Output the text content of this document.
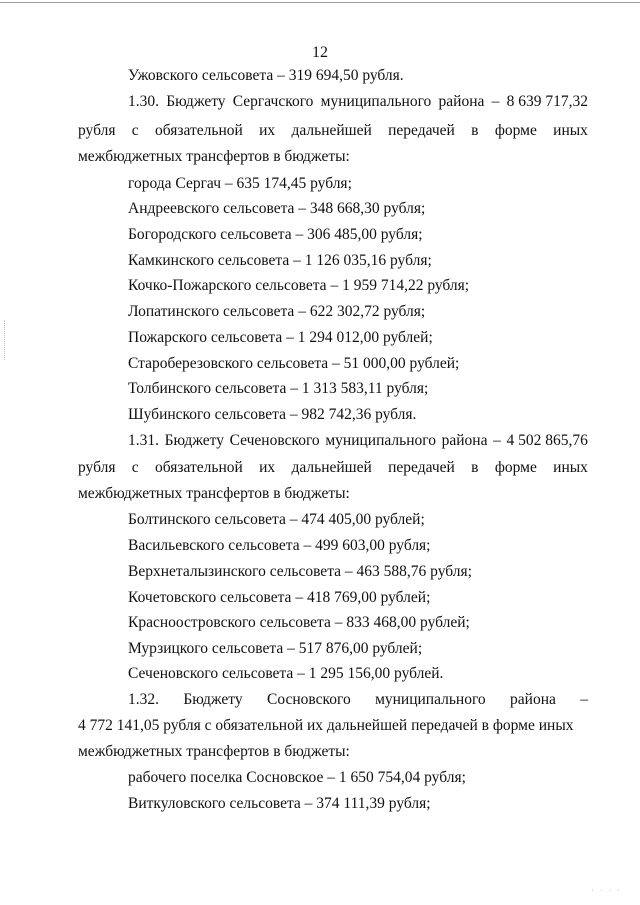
12
Ужовского сельсовета – 319 694,50 рубля.
1.30. Бюджету Сергачского муниципального района – 8 639 717,32
рубля с обязательной их дальнейшей передачей в форме иных
межбюджетных трансфертов в бюджеты:
города Сергач – 635 174,45 рубля;
Андреевского сельсовета – 348 668,30 рубля;
Богородского сельсовета – 306 485,00 рубля;
Камкинского сельсовета – 1 126 035,16 рубля;
Кочко-Пожарского сельсовета – 1 959 714,22 рубля;
Лопатинского сельсовета – 622 302,72 рубля;
Пожарского сельсовета – 1 294 012,00 рублей;
Староберезовского сельсовета – 51 000,00 рублей;
Толбинского сельсовета – 1 313 583,11 рубля;
Шубинского сельсовета – 982 742,36 рубля.
1.31. Бюджету Сеченовского муниципального района – 4 502 865,76
рубля с обязательной их дальнейшей передачей в форме иных
межбюджетных трансфертов в бюджеты:
Болтинского сельсовета – 474 405,00 рублей;
Васильевского сельсовета – 499 603,00 рубля;
Верхнеталызинского сельсовета – 463 588,76 рубля;
Кочетовского сельсовета – 418 769,00 рублей;
Красноостровского сельсовета – 833 468,00 рублей;
Мурзицкого сельсовета – 517 876,00 рублей;
Сеченовского сельсовета – 1 295 156,00 рублей.
1.32. Бюджету Сосновского муниципального района –
4 772 141,05 рубля с обязательной их дальнейшей передачей в форме иных
межбюджетных трансфертов в бюджеты:
рабочего поселка Сосновское – 1 650 754,04 рубля;
Виткуловского сельсовета – 374 111,39 рубля;
· · · ·
